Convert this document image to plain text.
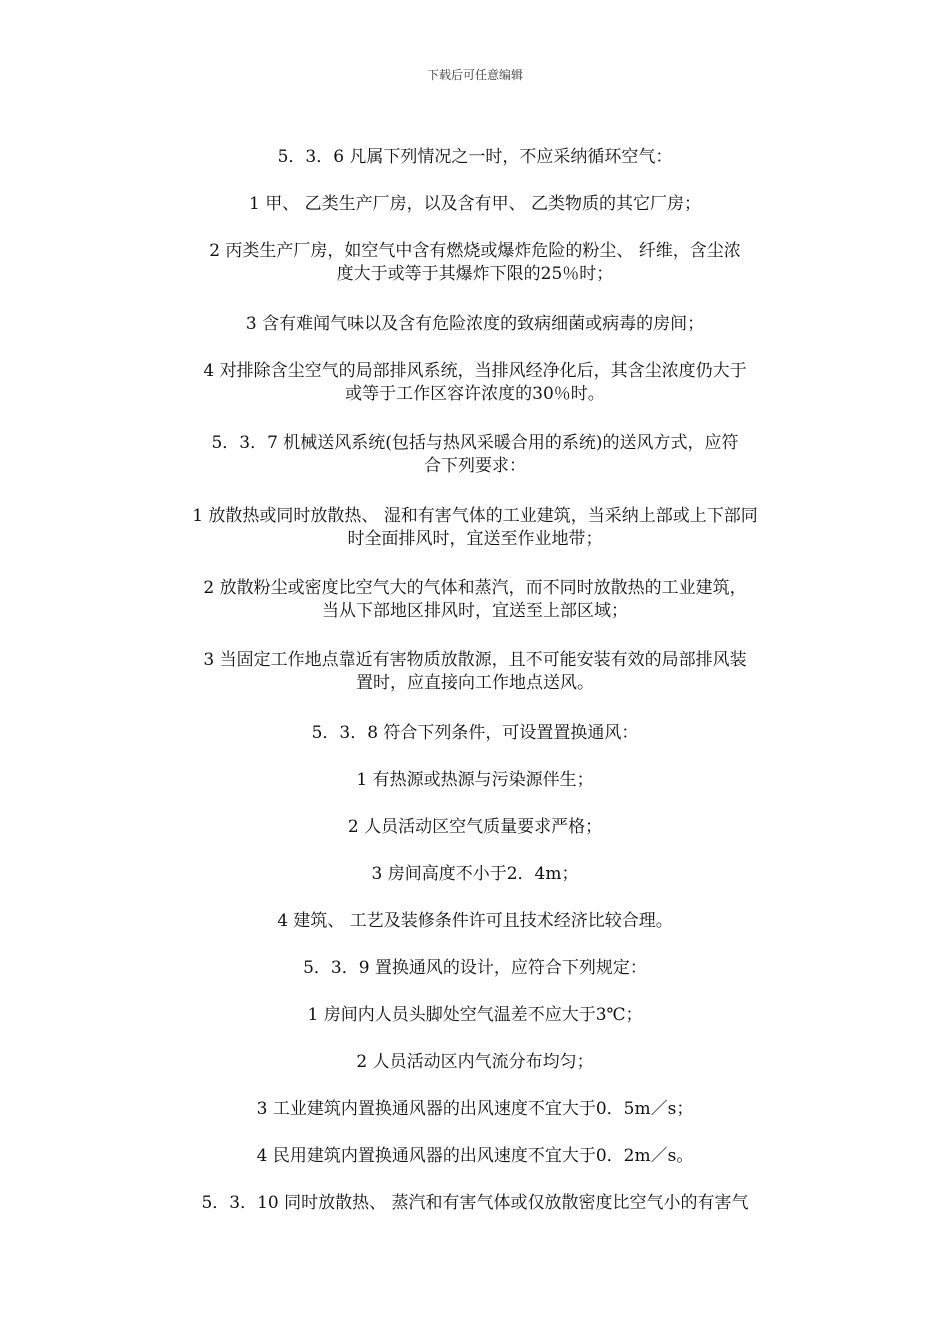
下载后可任意编辑

5．3．6 凡属下列情况之一时，不应采纳循环空气：

1 甲、 乙类生产厂房，以及含有甲、 乙类物质的其它厂房；

2 丙类生产厂房，如空气中含有燃烧或爆炸危险的粉尘、 纤维，含尘浓
度大于或等于其爆炸下限的25％时；

3 含有难闻气味以及含有危险浓度的致病细菌或病毒的房间；

4 对排除含尘空气的局部排风系统，当排风经净化后，其含尘浓度仍大于
或等于工作区容许浓度的30％时。

5．3．7 机械送风系统(包括与热风采暖合用的系统)的送风方式，应符
合下列要求：

1 放散热或同时放散热、 湿和有害气体的工业建筑，当采纳上部或上下部同
时全面排风时，宜送至作业地带；

2 放散粉尘或密度比空气大的气体和蒸汽，而不同时放散热的工业建筑，
当从下部地区排风时，宜送至上部区域；

3 当固定工作地点靠近有害物质放散源，且不可能安装有效的局部排风装
置时，应直接向工作地点送风。

5．3．8 符合下列条件，可设置置换通风：

1 有热源或热源与污染源伴生；

2 人员活动区空气质量要求严格；

3 房间高度不小于2．4m；

4 建筑、 工艺及装修条件许可且技术经济比较合理。

5．3．9 置换通风的设计，应符合下列规定：

1 房间内人员头脚处空气温差不应大于3℃；

2 人员活动区内气流分布均匀；

3 工业建筑内置换通风器的出风速度不宜大于0．5m／s；

4 民用建筑内置换通风器的出风速度不宜大于0．2m／s。

5．3．10 同时放散热、 蒸汽和有害气体或仅放散密度比空气小的有害气
